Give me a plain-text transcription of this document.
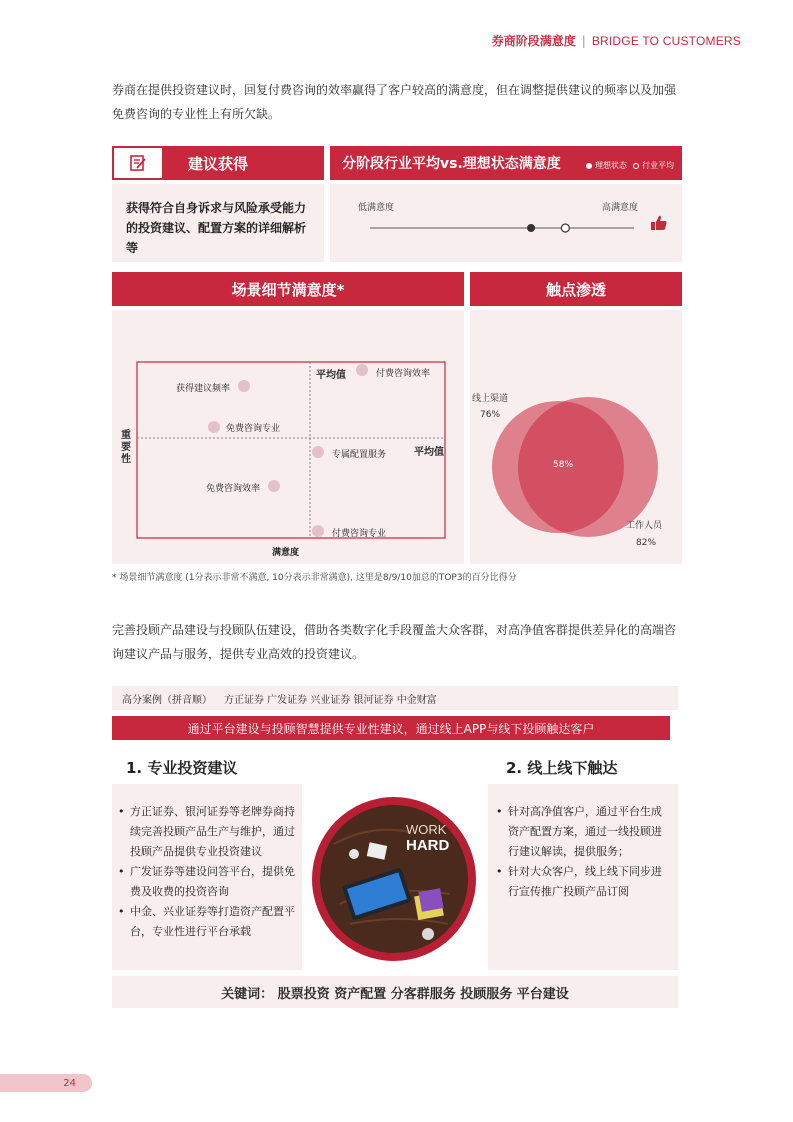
券商阶段满意度 | BRIDGE TO CUSTOMERS
券商在提供投资建议时，回复付费咨询的效率赢得了客户较高的满意度，但在调整提供建议的频率以及加强免费咨询的专业性上有所欠缺。
建议获得
获得符合自身诉求与风险承受能力的投资建议、配置方案的详细解析等
分阶段行业平均vs.理想状态满意度	理想状态 行业平均
低满意度	高满意度
场景细节满意度*
重要性
满意度
平均值
平均值
获得建议频率
免费咨询专业
付费咨询效率
专属配置服务
免费咨询效率
付费咨询专业
触点渗透
线上渠道
76%
58%
工作人员
82%
* 场景细节满意度 (1分表示非常不满意, 10分表示非常满意), 这里是8/9/10加总的TOP3的百分比得分
完善投顾产品建设与投顾队伍建设，借助各类数字化手段覆盖大众客群，对高净值客群提供差异化的高端咨询建议产品与服务，提供专业高效的投资建议。
高分案例（拼音顺） 方正证券 广发证券 兴业证券 银河证券 中金财富
通过平台建设与投顾智慧提供专业性建议，通过线上APP与线下投顾触达客户
1. 专业投资建议	2. 线上线下触达
• 方正证券、银河证券等老牌券商持续完善投顾产品生产与维护，通过投顾产品提供专业投资建议
• 广发证券等建设问答平台，提供免费及收费的投资咨询
• 中金、兴业证券等打造资产配置平台，专业性进行平台承载
WORK
HARD
• 针对高净值客户，通过平台生成资产配置方案，通过一线投顾进行建议解读，提供服务；
• 针对大众客户，线上线下同步进行宣传推广投顾产品订阅
关键词： 股票投资 资产配置 分客群服务 投顾服务 平台建设
24
